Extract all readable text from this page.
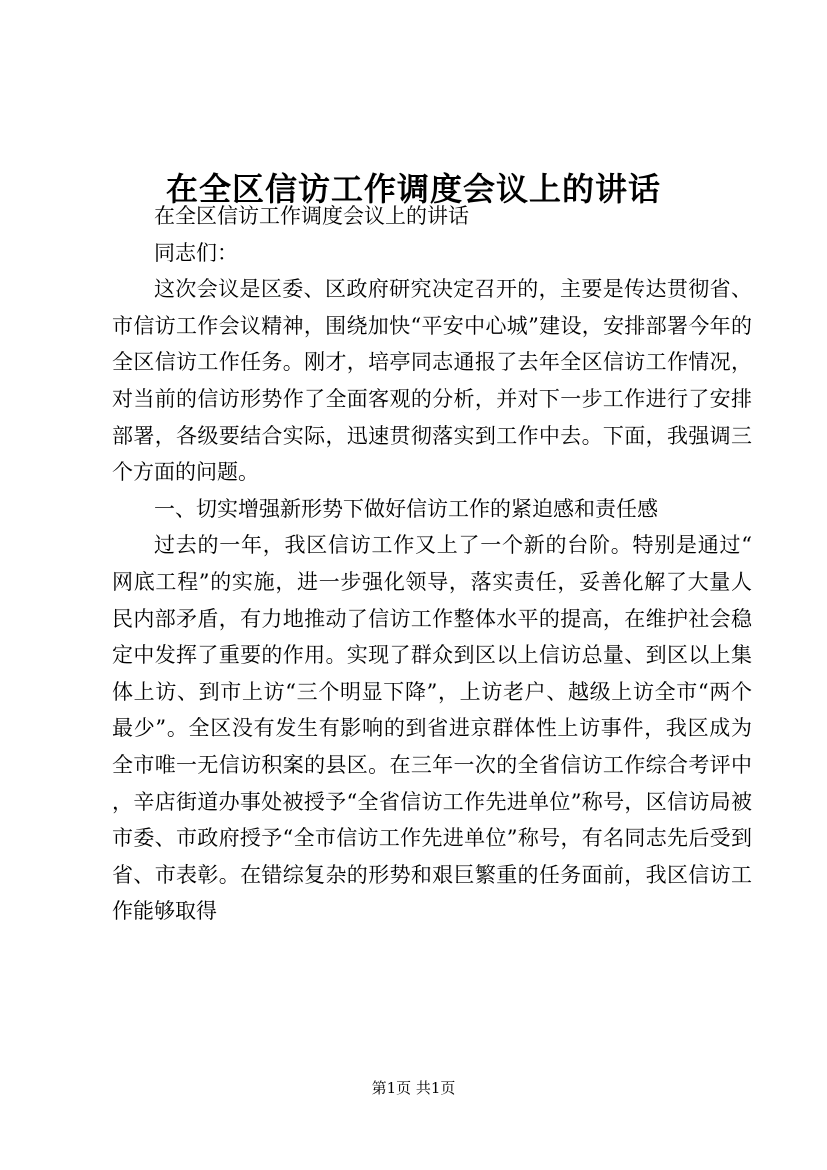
在全区信访工作调度会议上的讲话

在全区信访工作调度会议上的讲话

同志们：

这次会议是区委、区政府研究决定召开的，主要是传达贯彻省、市信访工作会议精神，围绕加快“平安中心城”建设，安排部署今年的全区信访工作任务。刚才，培亭同志通报了去年全区信访工作情况，对当前的信访形势作了全面客观的分析，并对下一步工作进行了安排部署，各级要结合实际，迅速贯彻落实到工作中去。下面，我强调三个方面的问题。

一、切实增强新形势下做好信访工作的紧迫感和责任感

过去的一年，我区信访工作又上了一个新的台阶。特别是通过“网底工程”的实施，进一步强化领导，落实责任，妥善化解了大量人民内部矛盾，有力地推动了信访工作整体水平的提高，在维护社会稳定中发挥了重要的作用。实现了群众到区以上信访总量、到区以上集体上访、到市上访“三个明显下降”，上访老户、越级上访全市“两个最少”。全区没有发生有影响的到省进京群体性上访事件，我区成为全市唯一无信访积案的县区。在三年一次的全省信访工作综合考评中，辛店街道办事处被授予“全省信访工作先进单位”称号，区信访局被市委、市政府授予“全市信访工作先进单位”称号，有名同志先后受到省、市表彰。在错综复杂的形势和艰巨繁重的任务面前，我区信访工作能够取得

第1页 共1页
